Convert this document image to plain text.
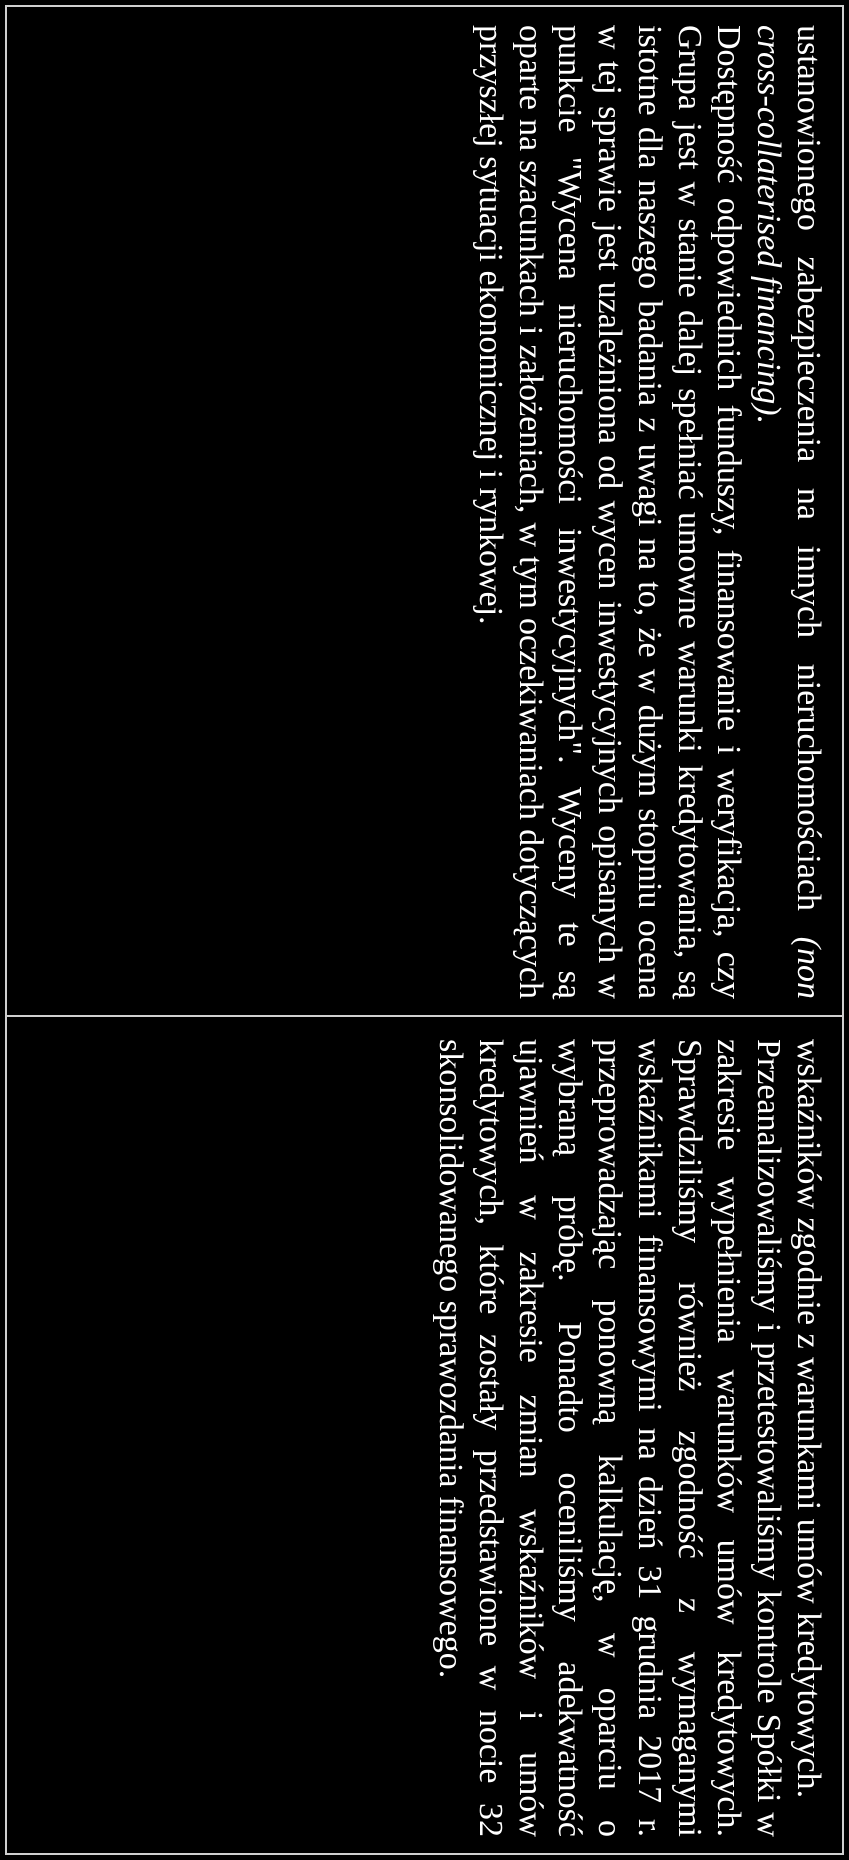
ustanowionego zabezpieczenia na innych nieruchomościach (non cross-collaterised financing).

Dostępność odpowiednich funduszy, finansowanie i weryfikacja, czy Grupa jest w stanie dalej spełniać umowne warunki kredytowania, są istotne dla naszego badania z uwagi na to, że w dużym stopniu ocena w tej sprawie jest uzależniona od wycen inwestycyjnych opisanych w punkcie "Wycena nieruchomości inwestycyjnych". Wyceny te są oparte na szacunkach i założeniach, w tym oczekiwaniach dotyczących przyszłej sytuacji ekonomicznej i rynkowej.

wskaźników zgodnie z warunkami umów kredytowych.

Przeanalizowaliśmy i przetestowaliśmy kontrole Spółki w zakresie wypełnienia warunków umów kredytowych. Sprawdziliśmy również zgodność z wymaganymi wskaźnikami finansowymi na dzień 31 grudnia 2017 r. przeprowadzając ponowną kalkulację, w oparciu o wybraną próbę. Ponadto oceniliśmy adekwatność ujawnień w zakresie zmian wskaźników i umów kredytowych, które zostały przedstawione w nocie 32 skonsolidowanego sprawozdania finansowego.
